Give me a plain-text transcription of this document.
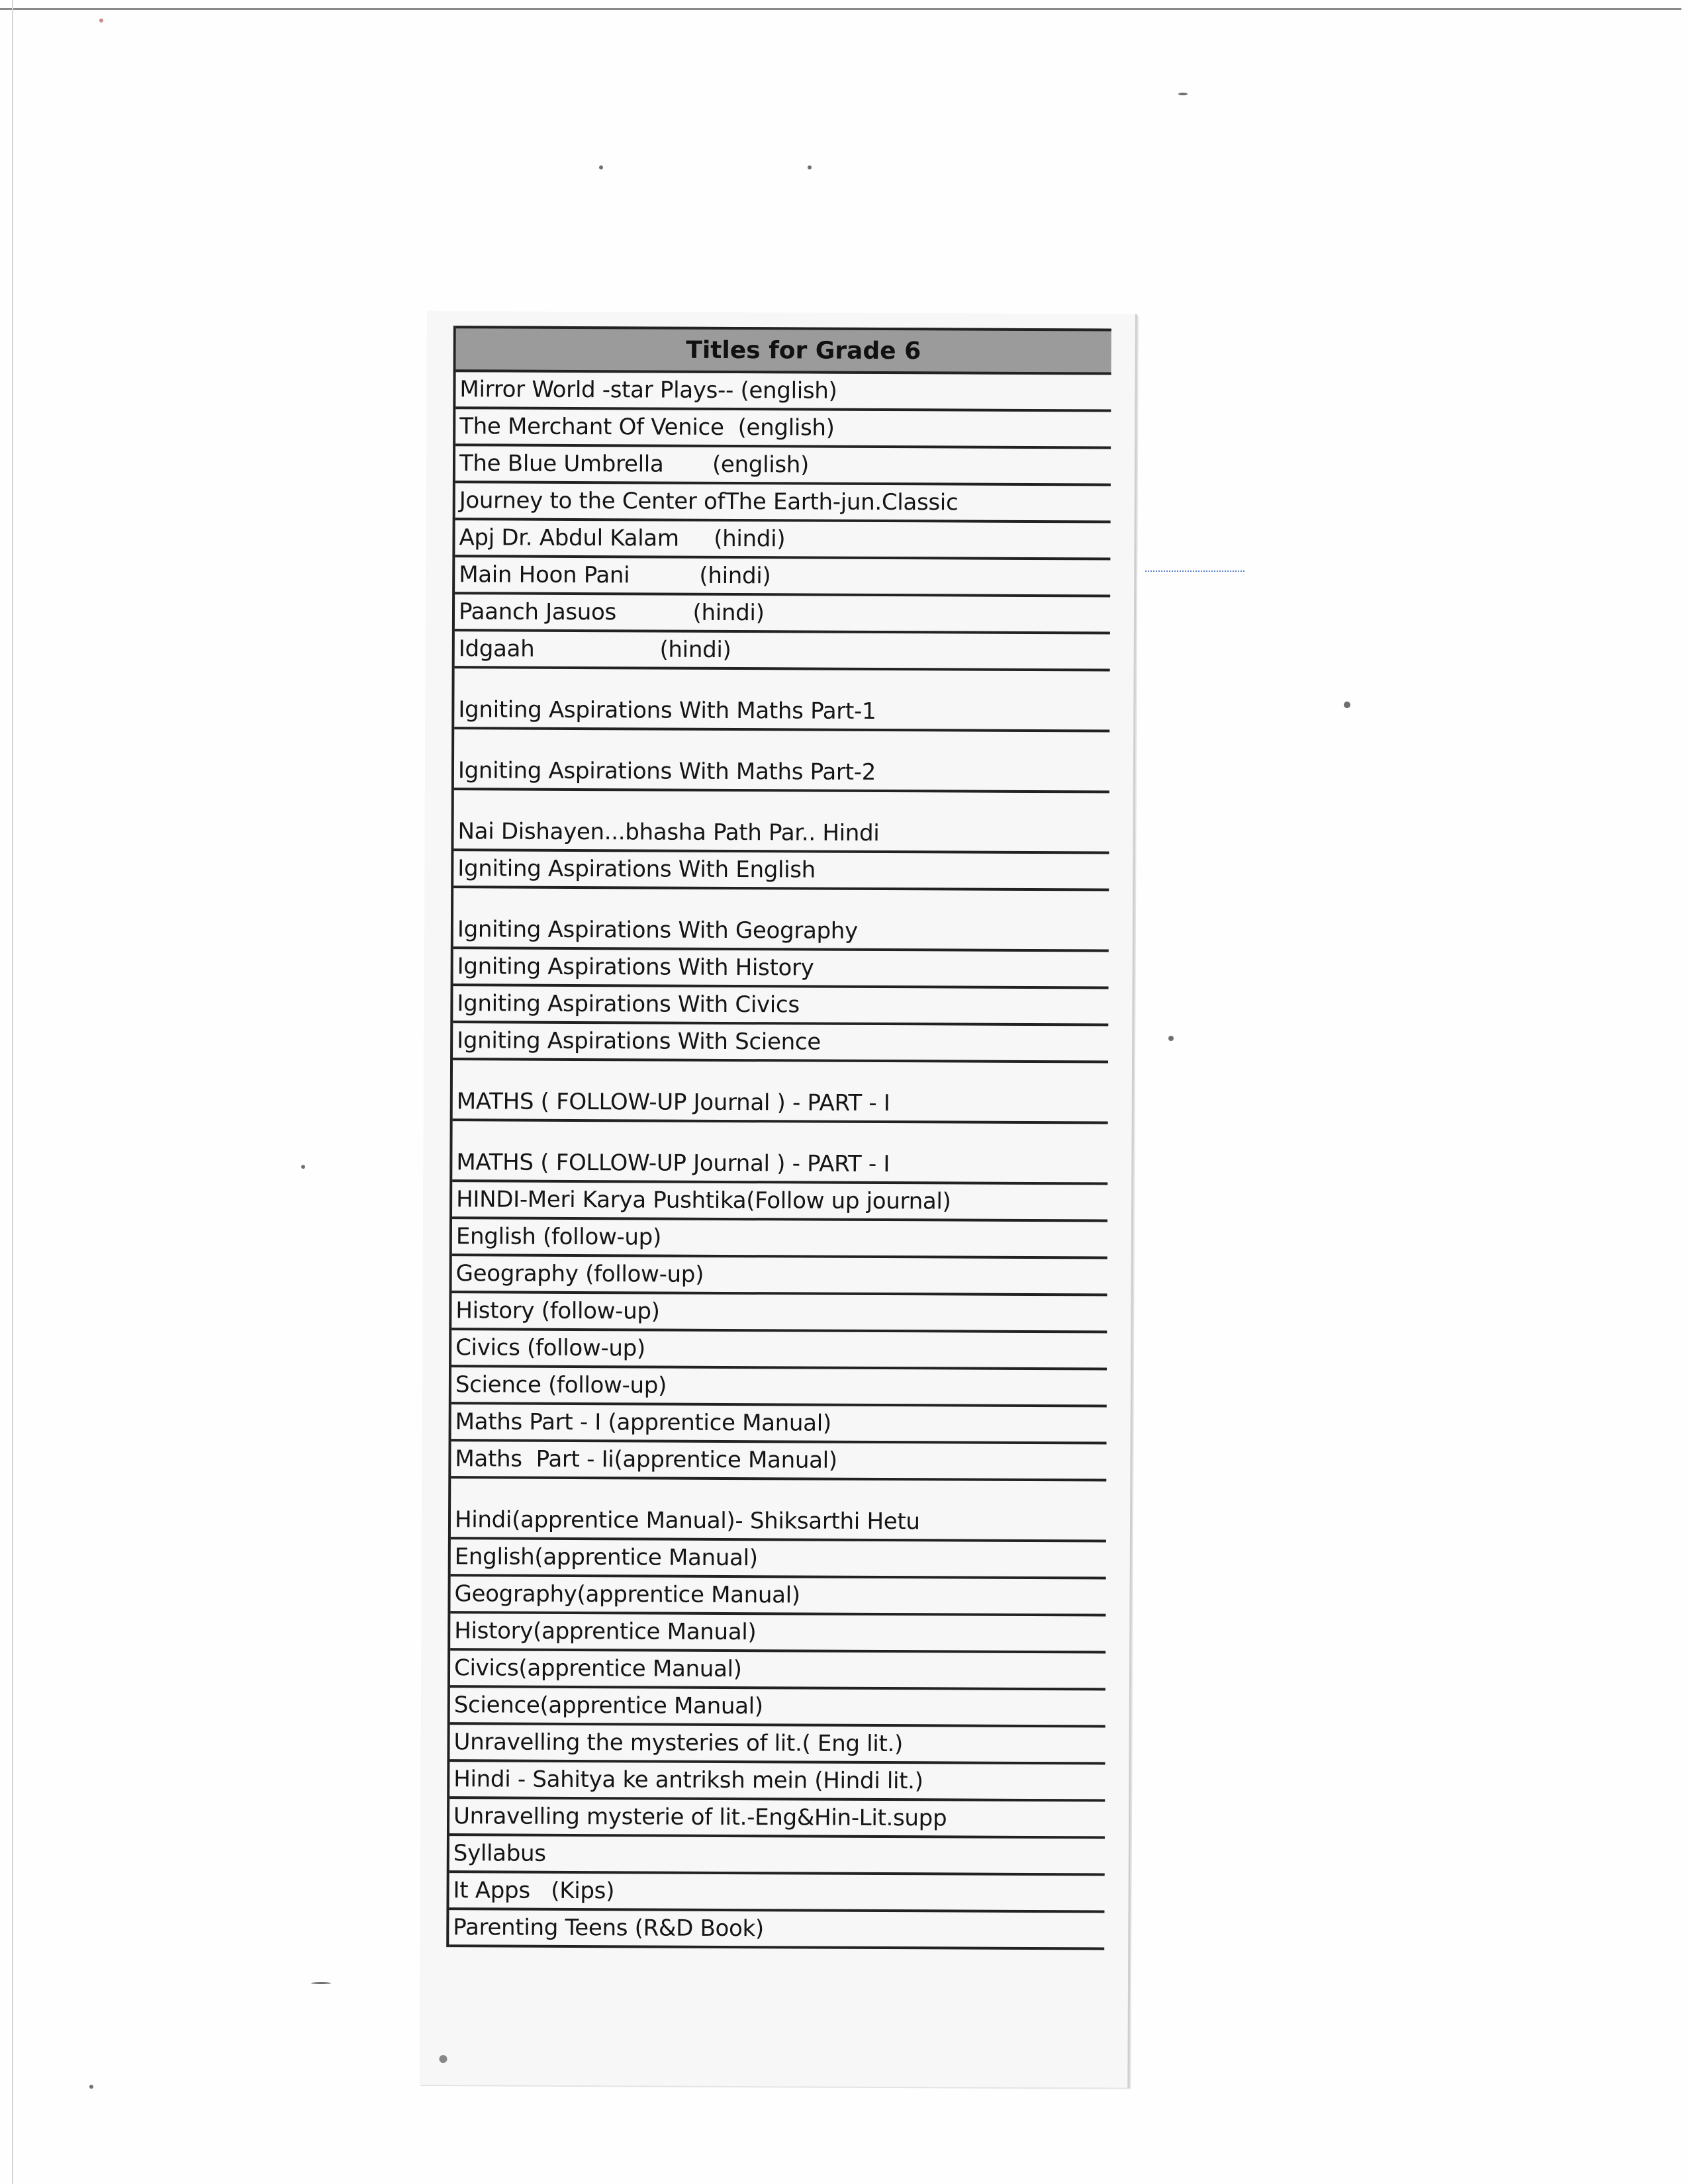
Titles for Grade 6
Mirror World -star Plays-- (english)
The Merchant Of Venice  (english)
The Blue Umbrella       (english)
Journey to the Center ofThe Earth-jun.Classic
Apj Dr. Abdul Kalam     (hindi)
Main Hoon Pani          (hindi)
Paanch Jasuos           (hindi)
Idgaah                  (hindi)
Igniting Aspirations With Maths Part-1
Igniting Aspirations With Maths Part-2
Nai Dishayen...bhasha Path Par.. Hindi
Igniting Aspirations With English
Igniting Aspirations With Geography
Igniting Aspirations With History
Igniting Aspirations With Civics
Igniting Aspirations With Science
MATHS ( FOLLOW-UP Journal ) - PART - I
MATHS ( FOLLOW-UP Journal ) - PART - I
HINDI-Meri Karya Pushtika(Follow up journal)
English (follow-up)
Geography (follow-up)
History (follow-up)
Civics (follow-up)
Science (follow-up)
Maths Part - I (apprentice Manual)
Maths  Part - Ii(apprentice Manual)
Hindi(apprentice Manual)- Shiksarthi Hetu
English(apprentice Manual)
Geography(apprentice Manual)
History(apprentice Manual)
Civics(apprentice Manual)
Science(apprentice Manual)
Unravelling the mysteries of lit.( Eng lit.)
Hindi - Sahitya ke antriksh mein (Hindi lit.)
Unravelling mysterie of lit.-Eng&Hin-Lit.supp
Syllabus
It Apps   (Kips)
Parenting Teens (R&D Book)
